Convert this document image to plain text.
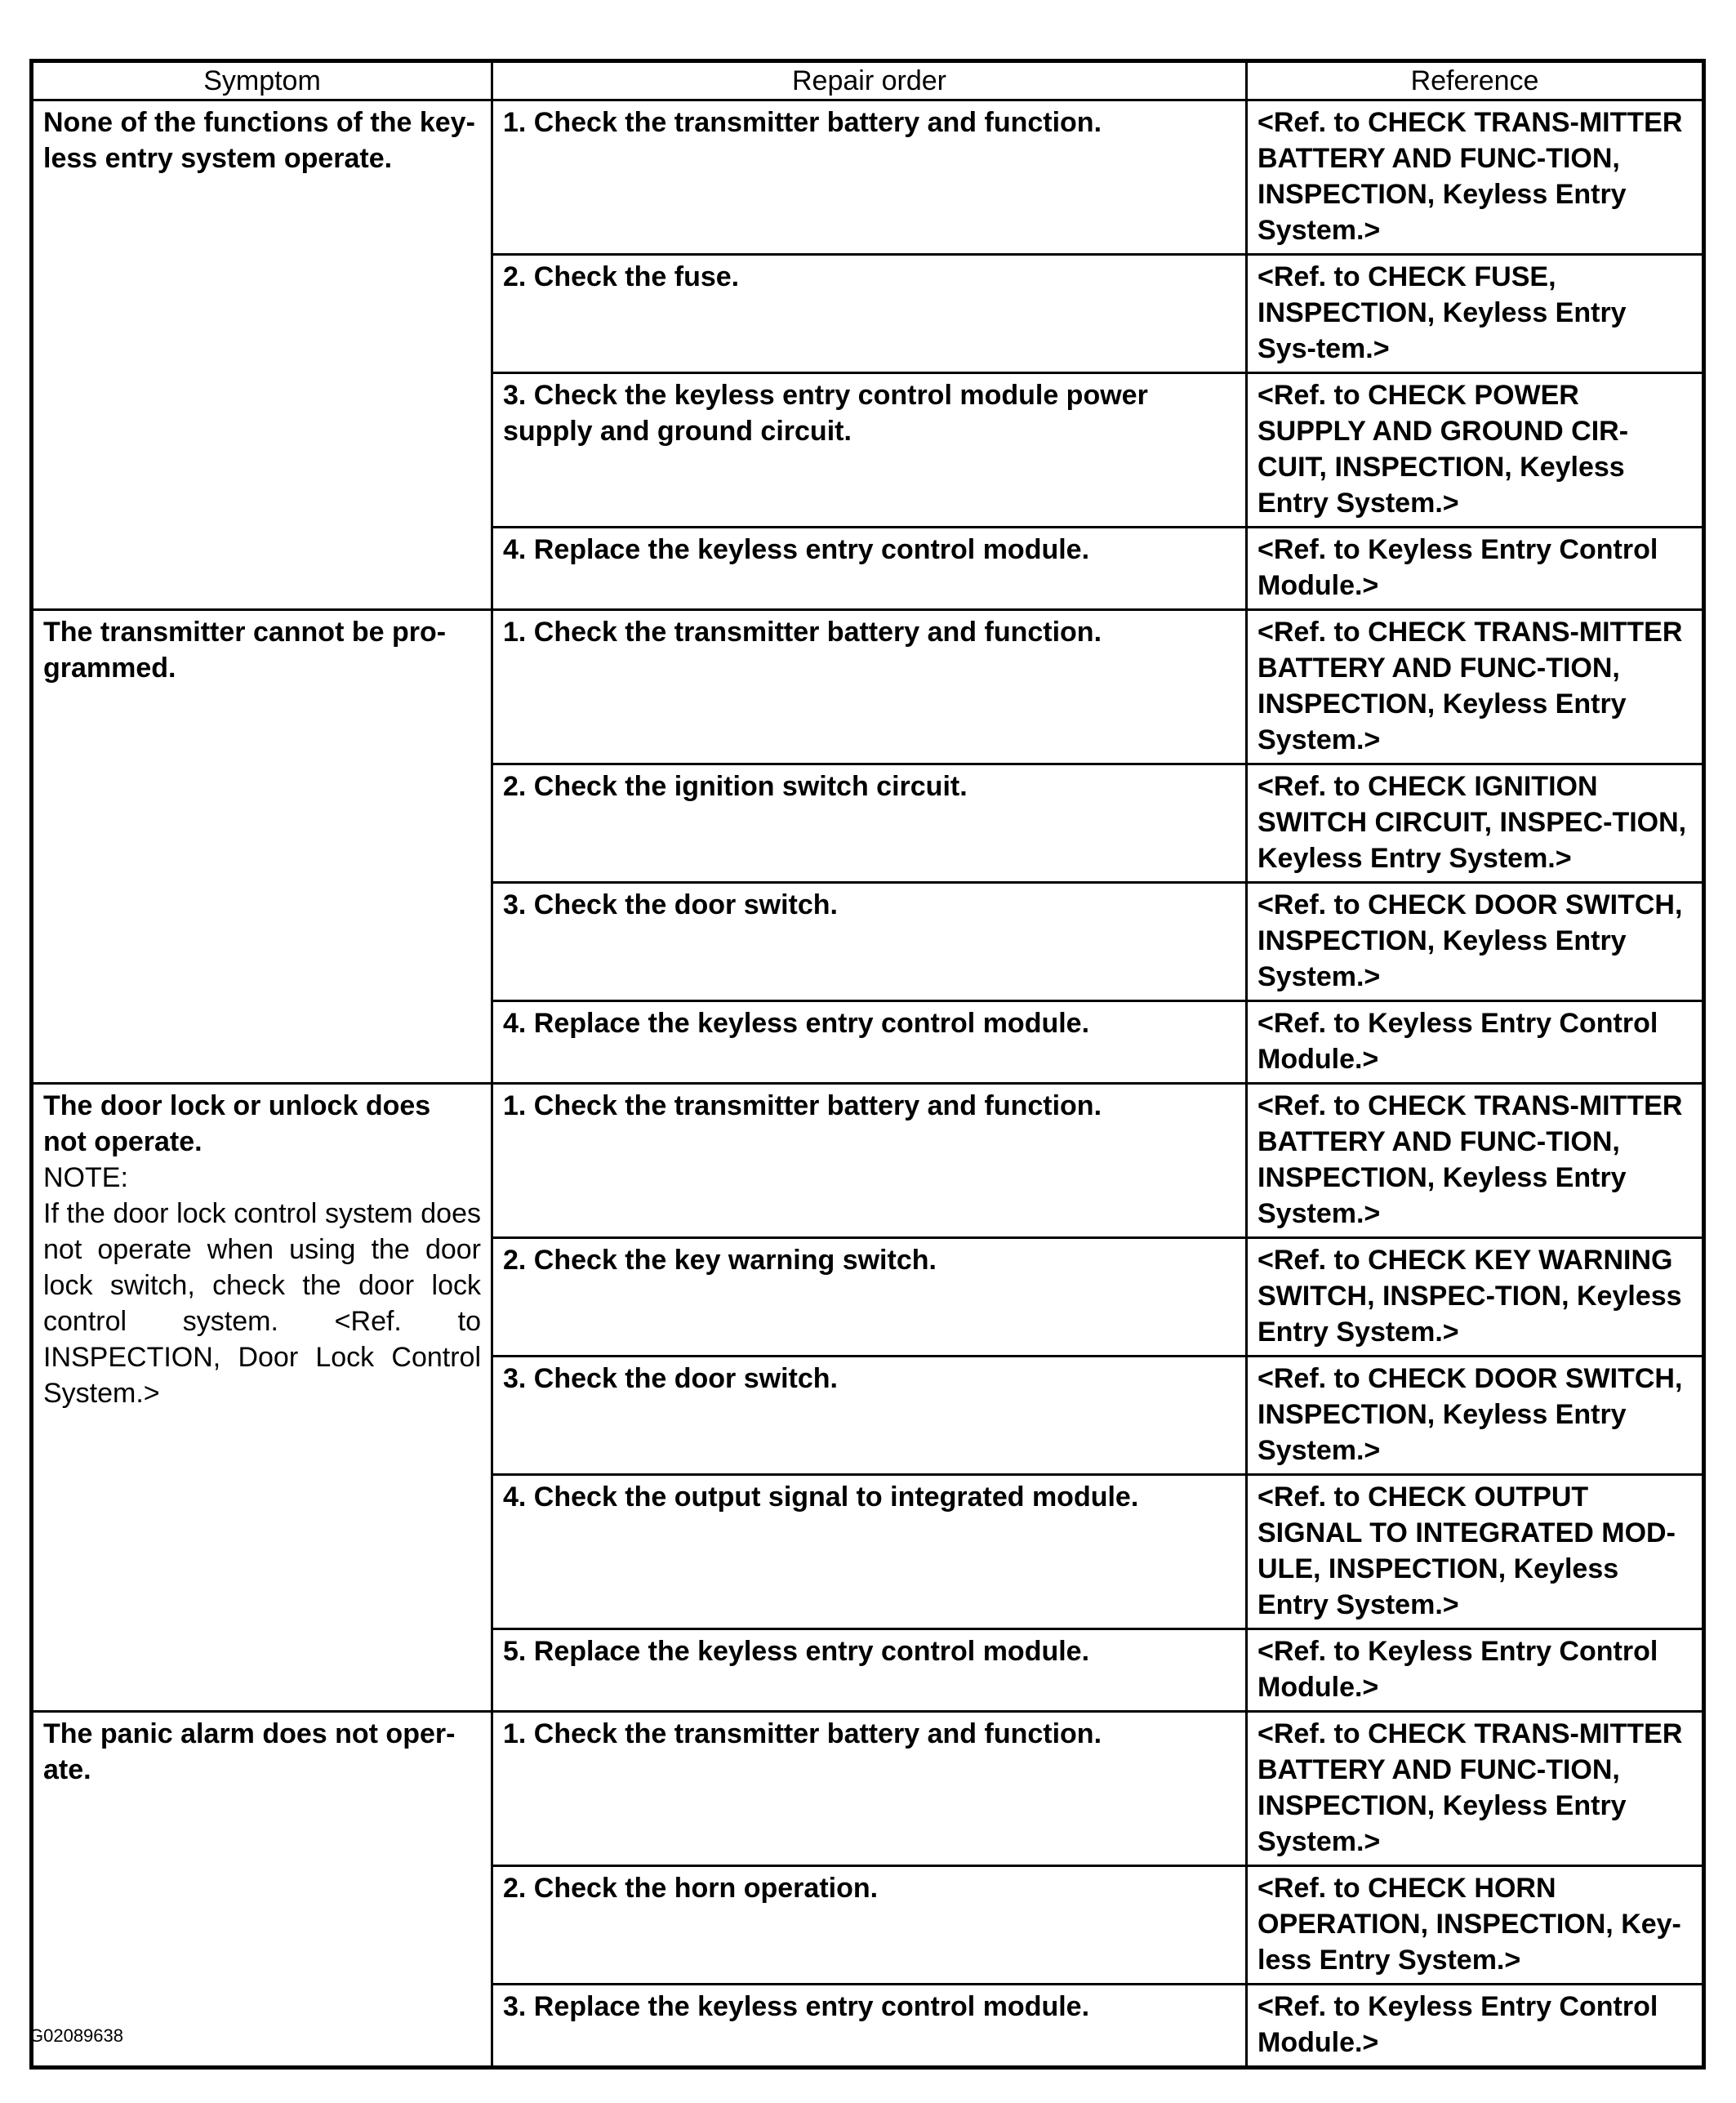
Symptom	Repair order	Reference

None of the functions of the key-less entry system operate.	1. Check the transmitter battery and function.	<Ref. to CHECK TRANS-MITTER BATTERY AND FUNC-TION, INSPECTION, Keyless Entry System.>
	2. Check the fuse.	<Ref. to CHECK FUSE, INSPECTION, Keyless Entry Sys-tem.>
	3. Check the keyless entry control module power supply and ground circuit.	<Ref. to CHECK POWER SUPPLY AND GROUND CIR-CUIT, INSPECTION, Keyless Entry System.>
	4. Replace the keyless entry control module.	<Ref. to Keyless Entry Control Module.>

The transmitter cannot be pro-grammed.	1. Check the transmitter battery and function.	<Ref. to CHECK TRANS-MITTER BATTERY AND FUNC-TION, INSPECTION, Keyless Entry System.>
	2. Check the ignition switch circuit.	<Ref. to CHECK IGNITION SWITCH CIRCUIT, INSPEC-TION, Keyless Entry System.>
	3. Check the door switch.	<Ref. to CHECK DOOR SWITCH, INSPECTION, Keyless Entry System.>
	4. Replace the keyless entry control module.	<Ref. to Keyless Entry Control Module.>

The door lock or unlock does not operate.
NOTE:
If the door lock control system does not operate when using the door lock switch, check the door lock control system. <Ref. to INSPECTION, Door Lock Control System.>	1. Check the transmitter battery and function.	<Ref. to CHECK TRANS-MITTER BATTERY AND FUNC-TION, INSPECTION, Keyless Entry System.>
	2. Check the key warning switch.	<Ref. to CHECK KEY WARNING SWITCH, INSPEC-TION, Keyless Entry System.>
	3. Check the door switch.	<Ref. to CHECK DOOR SWITCH, INSPECTION, Keyless Entry System.>
	4. Check the output signal to integrated module.	<Ref. to CHECK OUTPUT SIGNAL TO INTEGRATED MOD-ULE, INSPECTION, Keyless Entry System.>
	5. Replace the keyless entry control module.	<Ref. to Keyless Entry Control Module.>

The panic alarm does not oper-ate.	1. Check the transmitter battery and function.	<Ref. to CHECK TRANS-MITTER BATTERY AND FUNC-TION, INSPECTION, Keyless Entry System.>
	2. Check the horn operation.	<Ref. to CHECK HORN OPERATION, INSPECTION, Key-less Entry System.>
	3. Replace the keyless entry control module.	<Ref. to Keyless Entry Control Module.>
G02089638
